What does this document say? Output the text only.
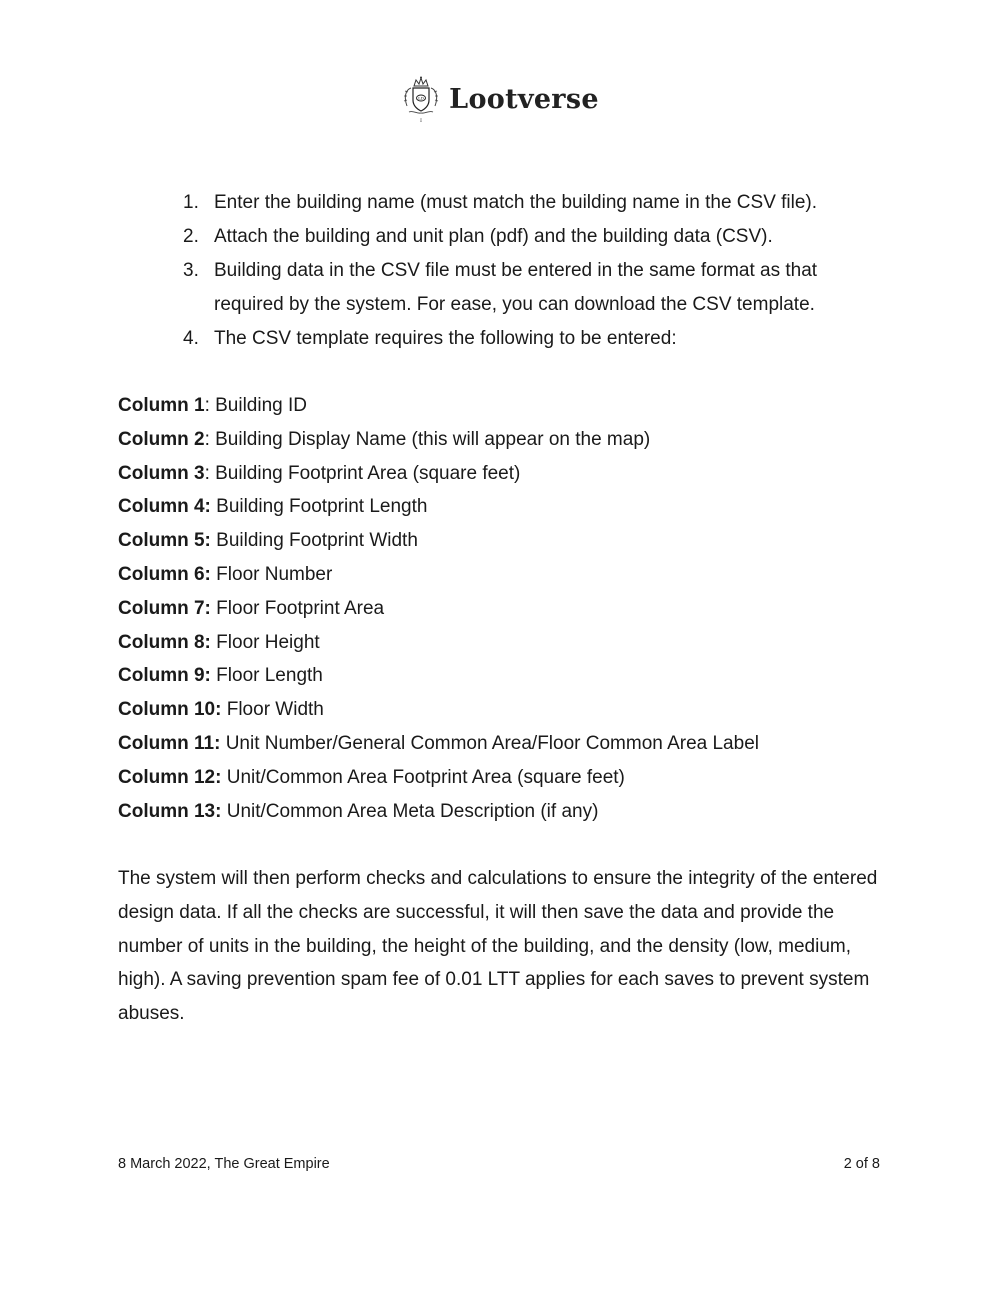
LD
I
Lootverse
1. Enter the building name (must match the building name in the CSV file).
2. Attach the building and unit plan (pdf) and the building data (CSV).
3. Building data in the CSV file must be entered in the same format as that required by the system. For ease, you can download the CSV template.
4. The CSV template requires the following to be entered:
Column 1: Building ID
Column 2: Building Display Name (this will appear on the map)
Column 3: Building Footprint Area (square feet)
Column 4: Building Footprint Length
Column 5: Building Footprint Width
Column 6: Floor Number
Column 7: Floor Footprint Area
Column 8: Floor Height
Column 9: Floor Length
Column 10: Floor Width
Column 11: Unit Number/General Common Area/Floor Common Area Label
Column 12: Unit/Common Area Footprint Area (square feet)
Column 13: Unit/Common Area Meta Description (if any)

The system will then perform checks and calculations to ensure the integrity of the entered design data. If all the checks are successful, it will then save the data and provide the number of units in the building, the height of the building, and the density (low, medium, high). A saving prevention spam fee of 0.01 LTT applies for each saves to prevent system abuses.

8 March 2022, The Great Empire	2 of 8
